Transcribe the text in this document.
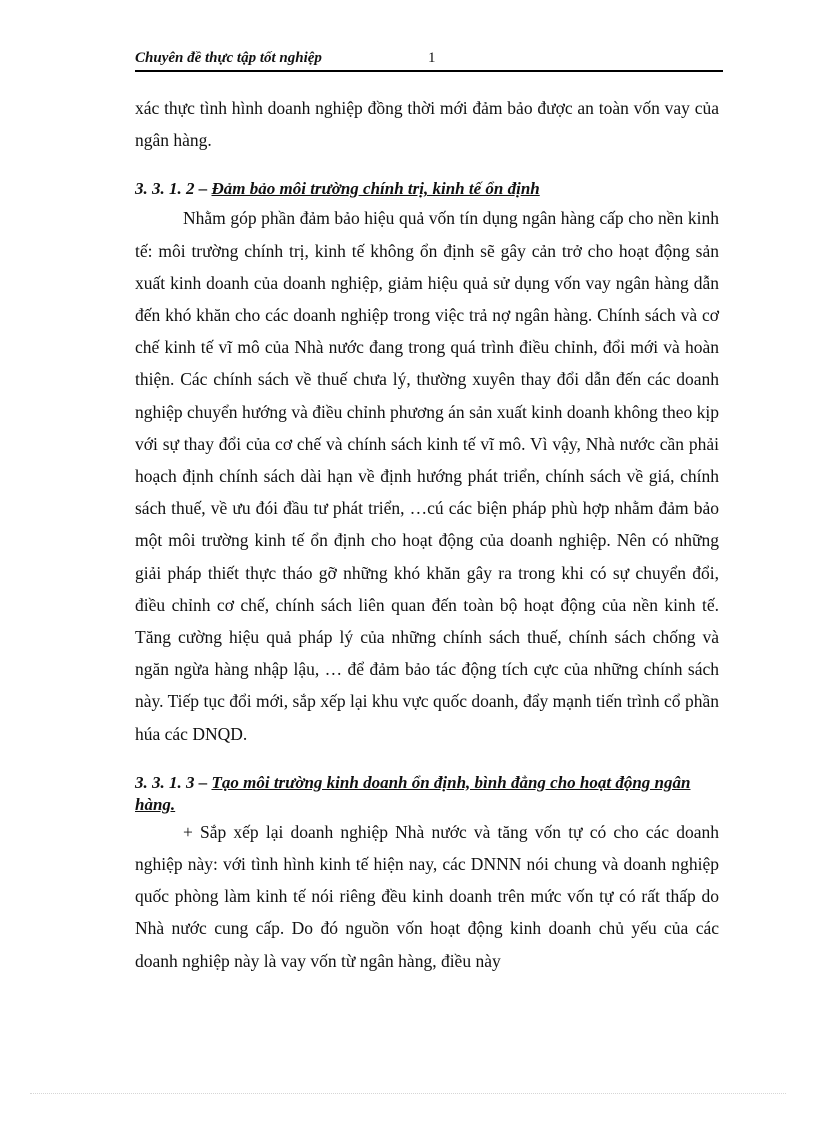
Chuyên đề thực tập tốt nghiệp	1

xác thực tình hình doanh nghiệp đồng thời mới đảm bảo được an toàn vốn vay của ngân hàng.

3. 3. 1. 2 – Đảm bảo môi trường chính trị, kinh tế ổn định

Nhằm góp phần đảm bảo hiệu quả vốn tín dụng ngân hàng cấp cho nền kinh tế: môi trường chính trị, kinh tế không ổn định sẽ gây cản trở cho hoạt động sản xuất kinh doanh của doanh nghiệp, giảm hiệu quả sử dụng vốn vay ngân hàng dẫn đến khó khăn cho các doanh nghiệp trong việc trả nợ ngân hàng. Chính sách và cơ chế kinh tế vĩ mô của Nhà nước đang trong quá trình điều chỉnh, đổi mới và hoàn thiện. Các chính sách về thuế chưa lý, thường xuyên thay đổi dẫn đến các doanh nghiệp chuyển hướng và điều chỉnh phương án sản xuất kinh doanh không theo kịp với sự thay đổi của cơ chế và chính sách kinh tế vĩ mô. Vì vậy, Nhà nước cần phải hoạch định chính sách dài hạn về định hướng phát triển, chính sách về giá, chính sách thuế, về ưu đói đầu tư phát triển, …cú các biện pháp phù hợp nhằm đảm bảo một môi trường kinh tế ổn định cho hoạt động của doanh nghiệp. Nên có những giải pháp thiết thực tháo gỡ những khó khăn gây ra trong khi có sự chuyển đổi, điều chỉnh cơ chế, chính sách liên quan đến toàn bộ hoạt động của nền kinh tế. Tăng cường hiệu quả pháp lý của những chính sách thuế, chính sách chống và ngăn ngừa hàng nhập lậu, … để đảm bảo tác động tích cực của những chính sách này. Tiếp tục đổi mới, sắp xếp lại khu vực quốc doanh, đẩy mạnh tiến trình cổ phần húa các DNQD.

3. 3. 1. 3 – Tạo môi trường kinh doanh ổn định, bình đẳng cho hoạt động ngân hàng.

+ Sắp xếp lại doanh nghiệp Nhà nước và tăng vốn tự có cho các doanh nghiệp này: với tình hình kinh tế hiện nay, các DNNN nói chung và doanh nghiệp quốc phòng làm kinh tế nói riêng đều kinh doanh trên mức vốn tự có rất thấp do Nhà nước cung cấp. Do đó nguồn vốn hoạt động kinh doanh chủ yếu của các doanh nghiệp này là vay vốn từ ngân hàng, điều này
